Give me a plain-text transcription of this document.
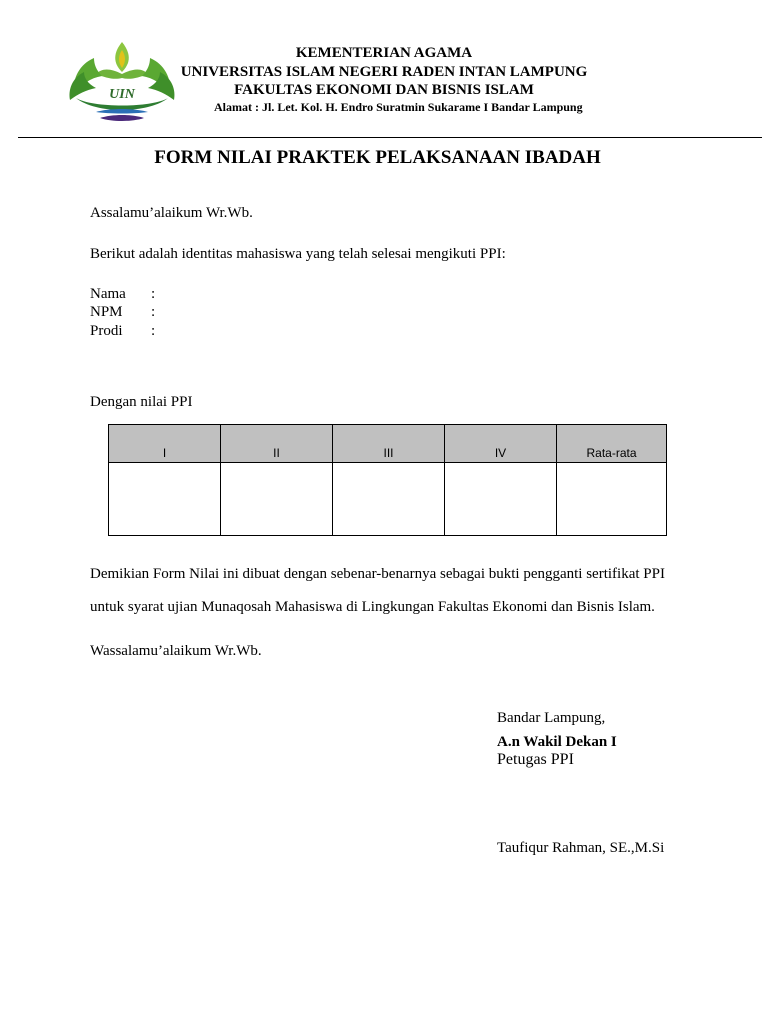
UIN
KEMENTERIAN AGAMA
UNIVERSITAS ISLAM NEGERI RADEN INTAN LAMPUNG
FAKULTAS EKONOMI DAN BISNIS ISLAM
Alamat : Jl. Let. Kol. H. Endro Suratmin Sukarame I Bandar Lampung
FORM NILAI PRAKTEK PELAKSANAAN IBADAH
Assalamu’alaikum Wr.Wb.
Berikut adalah identitas mahasiswa yang telah selesai mengikuti PPI:
Nama :
NPM :
Prodi :
Dengan nilai PPI
I	II	III	IV	Rata-rata

Demikian Form Nilai ini dibuat dengan sebenar-benarnya sebagai bukti pengganti sertifikat PPI
untuk syarat ujian Munaqosah Mahasiswa di Lingkungan Fakultas Ekonomi dan Bisnis Islam.
Wassalamu’alaikum Wr.Wb.
Bandar Lampung,
A.n Wakil Dekan I
Petugas PPI
Taufiqur Rahman, SE.,M.Si
